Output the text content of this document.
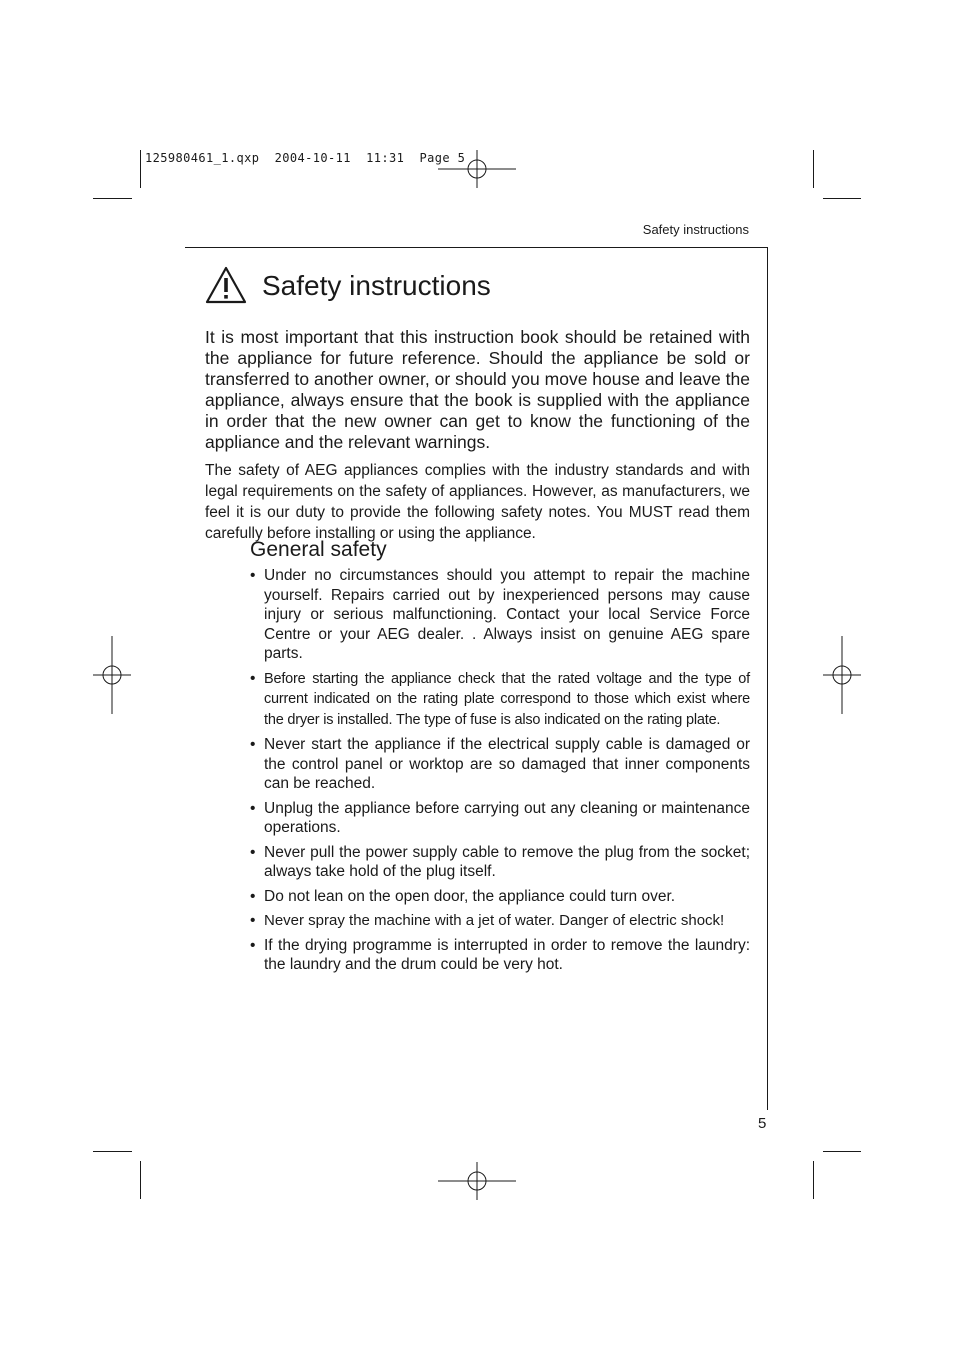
125980461_1.qxp  2004-10-11  11:31  Page 5
Safety instructions
Safety instructions

It is most important that this instruction book should be retained with the appliance for future reference. Should the appliance be sold or transferred to another owner, or should you move house and leave the appliance, always ensure that the book is supplied with the appliance in order that the new owner can get to know the functioning of the appliance and the relevant warnings.

The safety of AEG appliances complies with the industry standards and with legal requirements on the safety of appliances. However, as manufacturers, we feel it is our duty to provide the following safety notes. You MUST read them carefully before installing or using the appliance.

General safety
• Under no circumstances should you attempt to repair the machine yourself. Repairs carried out by inexperienced persons may cause injury or serious malfunctioning. Contact your local Service Force Centre or your AEG dealer. . Always insist on genuine AEG spare parts.
• Before starting the appliance check that the rated voltage and the type of current indicated on the rating plate correspond to those which exist where the dryer is installed. The type of fuse is also indicated on the rating plate.
• Never start the appliance if the electrical supply cable is damaged or the control panel or worktop are so damaged that inner components can be reached.
• Unplug the appliance before carrying out any cleaning or maintenance operations.
• Never pull the power supply cable to remove the plug from the socket; always take hold of the plug itself.
• Do not lean on the open door, the appliance could turn over.
• Never spray the machine with a jet of water. Danger of electric shock!
• If the drying programme is interrupted in order to remove the laundry: the laundry and the drum could be very hot.
5
